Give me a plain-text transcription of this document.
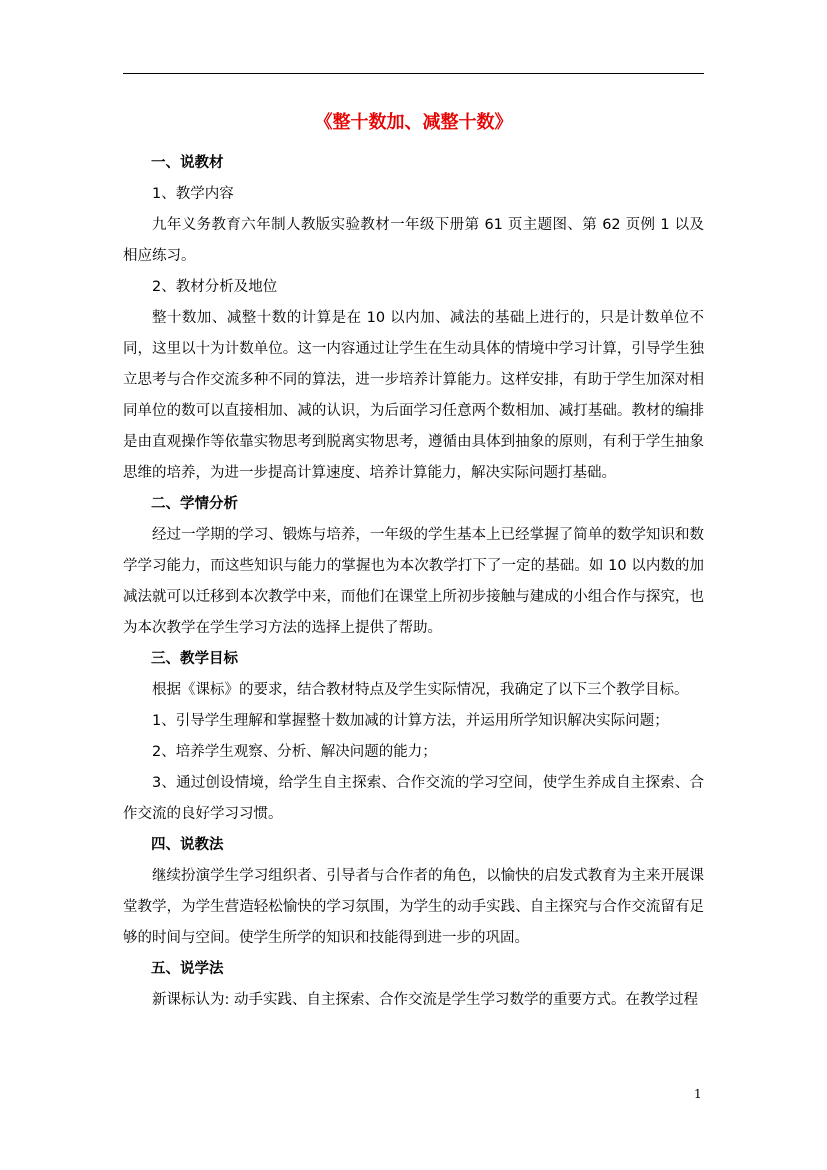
《整十数加、减整十数》
一、说教材
1、教学内容
九年义务教育六年制人教版实验教材一年级下册第 61 页主题图、第 62 页例 1 以及相应练习。
2、教材分析及地位
整十数加、减整十数的计算是在 10 以内加、减法的基础上进行的，只是计数单位不同，这里以十为计数单位。这一内容通过让学生在生动具体的情境中学习计算，引导学生独立思考与合作交流多种不同的算法，进一步培养计算能力。这样安排，有助于学生加深对相同单位的数可以直接相加、减的认识，为后面学习任意两个数相加、减打基础。教材的编排是由直观操作等依靠实物思考到脱离实物思考，遵循由具体到抽象的原则，有利于学生抽象思维的培养，为进一步提高计算速度、培养计算能力，解决实际问题打基础。
二、学情分析
经过一学期的学习、锻炼与培养，一年级的学生基本上已经掌握了简单的数学知识和数学学习能力，而这些知识与能力的掌握也为本次教学打下了一定的基础。如 10 以内数的加减法就可以迁移到本次教学中来，而他们在课堂上所初步接触与建成的小组合作与探究，也为本次教学在学生学习方法的选择上提供了帮助。
三、教学目标
根据《课标》的要求，结合教材特点及学生实际情况，我确定了以下三个教学目标。
1、引导学生理解和掌握整十数加减的计算方法，并运用所学知识解决实际问题；
2、培养学生观察、分析、解决问题的能力；
3、通过创设情境，给学生自主探索、合作交流的学习空间，使学生养成自主探索、合作交流的良好学习习惯。
四、说教法
继续扮演学生学习组织者、引导者与合作者的角色，以愉快的启发式教育为主来开展课堂教学，为学生营造轻松愉快的学习氛围，为学生的动手实践、自主探究与合作交流留有足够的时间与空间。使学生所学的知识和技能得到进一步的巩固。
五、说学法
新课标认为: 动手实践、自主探索、合作交流是学生学习数学的重要方式。在教学过程
1
